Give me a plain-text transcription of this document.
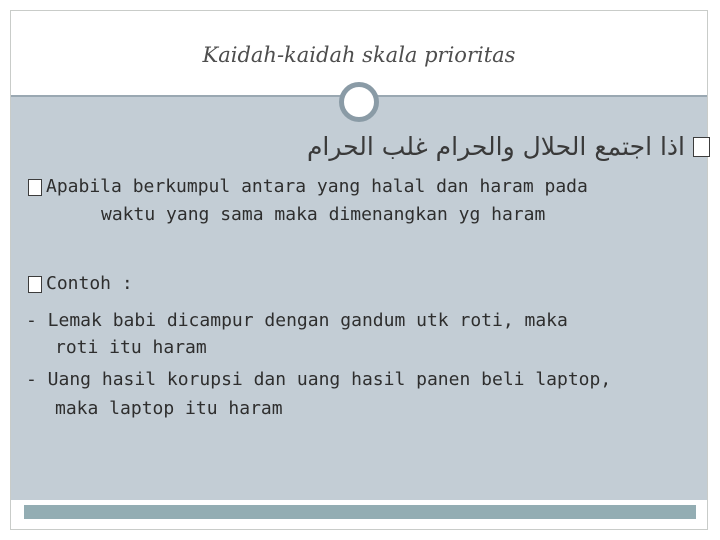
Kaidah-kaidah skala prioritas
اذا اجتمع الحلال والحرام غلب الحرام
Apabila berkumpul antara yang halal dan haram pada
waktu yang sama maka dimenangkan yg haram
Contoh :
- Lemak babi dicampur dengan gandum utk roti, maka
roti itu haram
- Uang hasil korupsi dan uang hasil panen beli laptop,
maka laptop itu haram
